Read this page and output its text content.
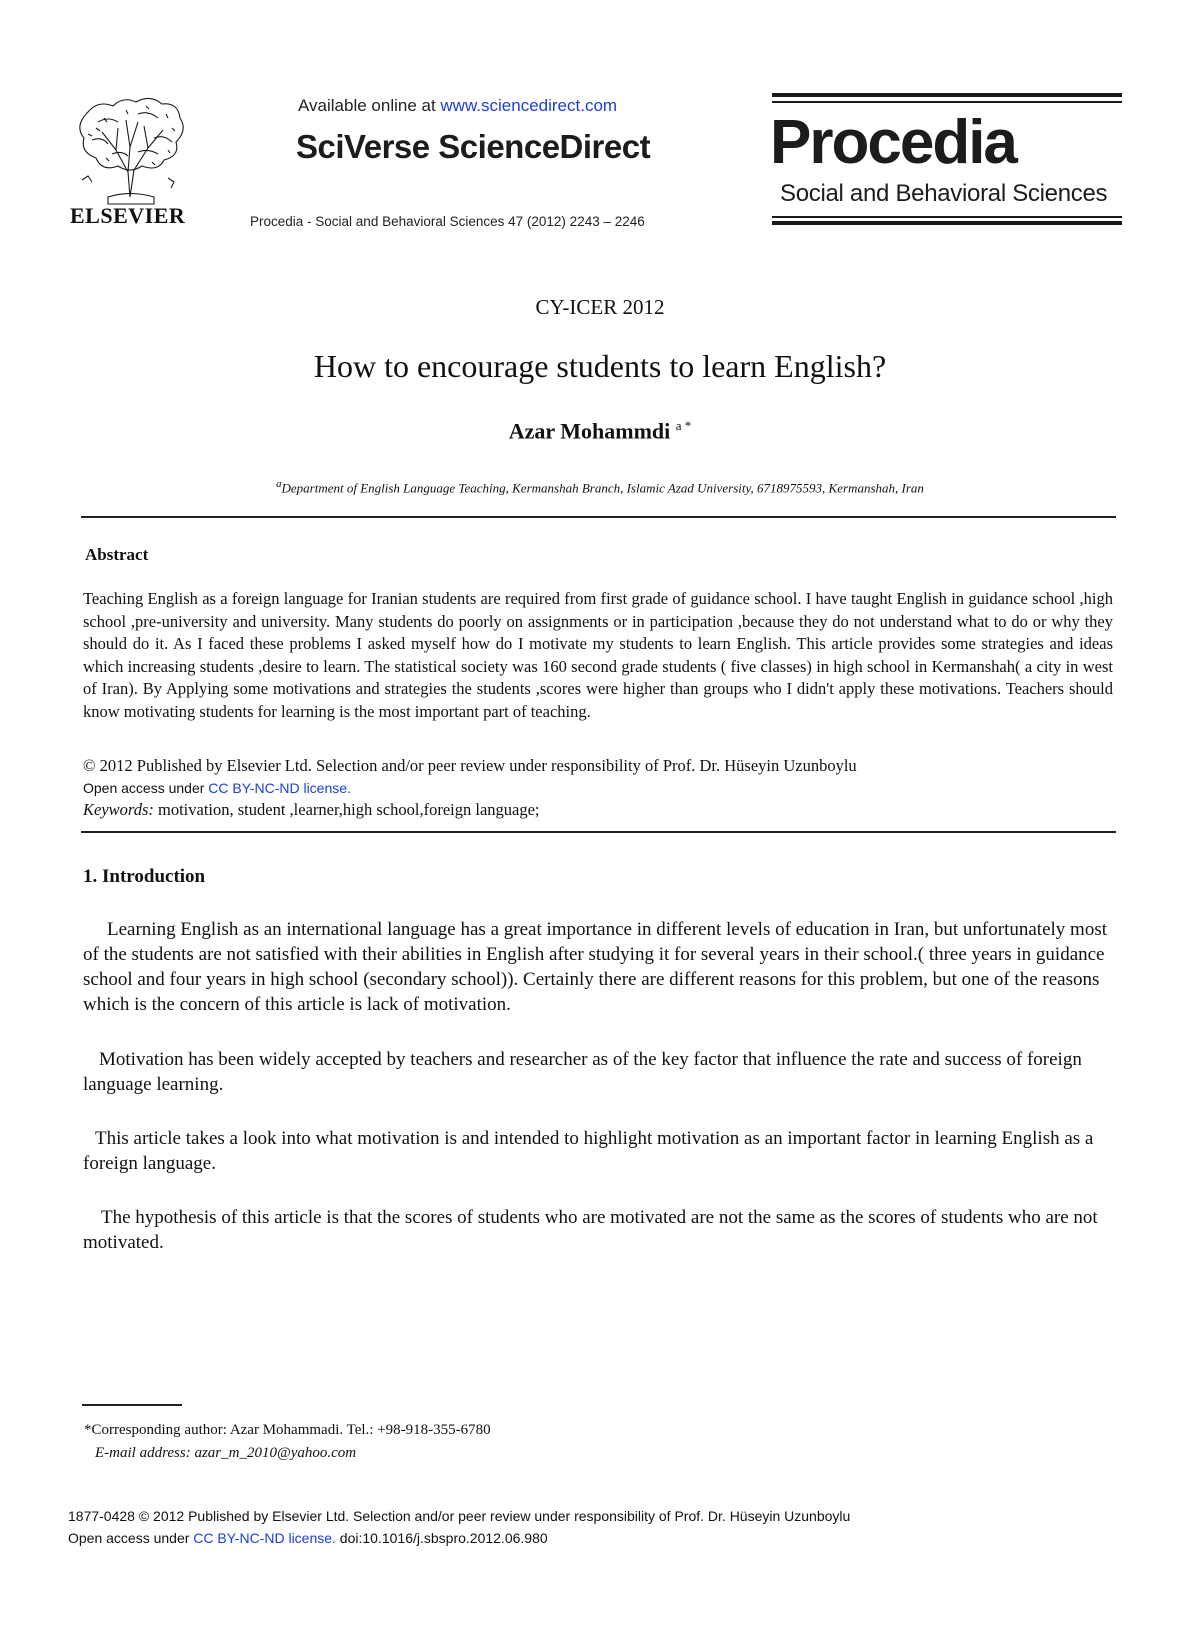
ELSEVIER
Available online at www.sciencedirect.com
SciVerse ScienceDirect
Procedia - Social and Behavioral Sciences 47 (2012) 2243 – 2246
Procedia
Social and Behavioral Sciences
CY-ICER 2012
How to encourage students to learn English?
Azar Mohammdi $^{a *}$
$^a$Department of English Language Teaching, Kermanshah Branch, Islamic Azad University, 6718975593, Kermanshah, Iran
Abstract
Teaching English as a foreign language for Iranian students are required from first grade of guidance school. I have taught English in guidance school ,high school ,pre-university and university. Many students do poorly on assignments or in participation ,because they do not understand what to do or why they should do it. As I faced these problems I asked myself how do I motivate my students to learn English. This article provides some strategies and ideas which increasing students ,desire to learn. The statistical society was 160 second grade students ( five classes) in high school in Kermanshah( a city in west of Iran). By Applying some motivations and strategies the students ,scores were higher than groups who I didn't apply these motivations. Teachers should know motivating students for learning is the most important part of teaching.
© 2012 Published by Elsevier Ltd. Selection and/or peer review under responsibility of Prof. Dr. Hüseyin Uzunboylu
Open access under CC BY-NC-ND license.
Keywords: motivation, student ,learner,high school,foreign language;
1. Introduction
Learning English as an international language has a great importance in different levels of education in Iran, but unfortunately most of the students are not satisfied with their abilities in English after studying it for several years in their school.( three years in guidance school and four years in high school (secondary school)). Certainly there are different reasons for this problem, but one of the reasons which is the concern of this article is lack of motivation.
Motivation has been widely accepted by teachers and researcher as of the key factor that influence the rate and success of foreign language learning.
This article takes a look into what motivation is and intended to highlight motivation as an important factor in learning English as a foreign language.
The hypothesis of this article is that the scores of students who are motivated are not the same as the scores of students who are not motivated.
*Corresponding author: Azar Mohammadi. Tel.: +98-918-355-6780
E-mail address: azar_m_2010@yahoo.com
1877-0428 © 2012 Published by Elsevier Ltd. Selection and/or peer review under responsibility of Prof. Dr. Hüseyin Uzunboylu
Open access under CC BY-NC-ND license. doi:10.1016/j.sbspro.2012.06.980
